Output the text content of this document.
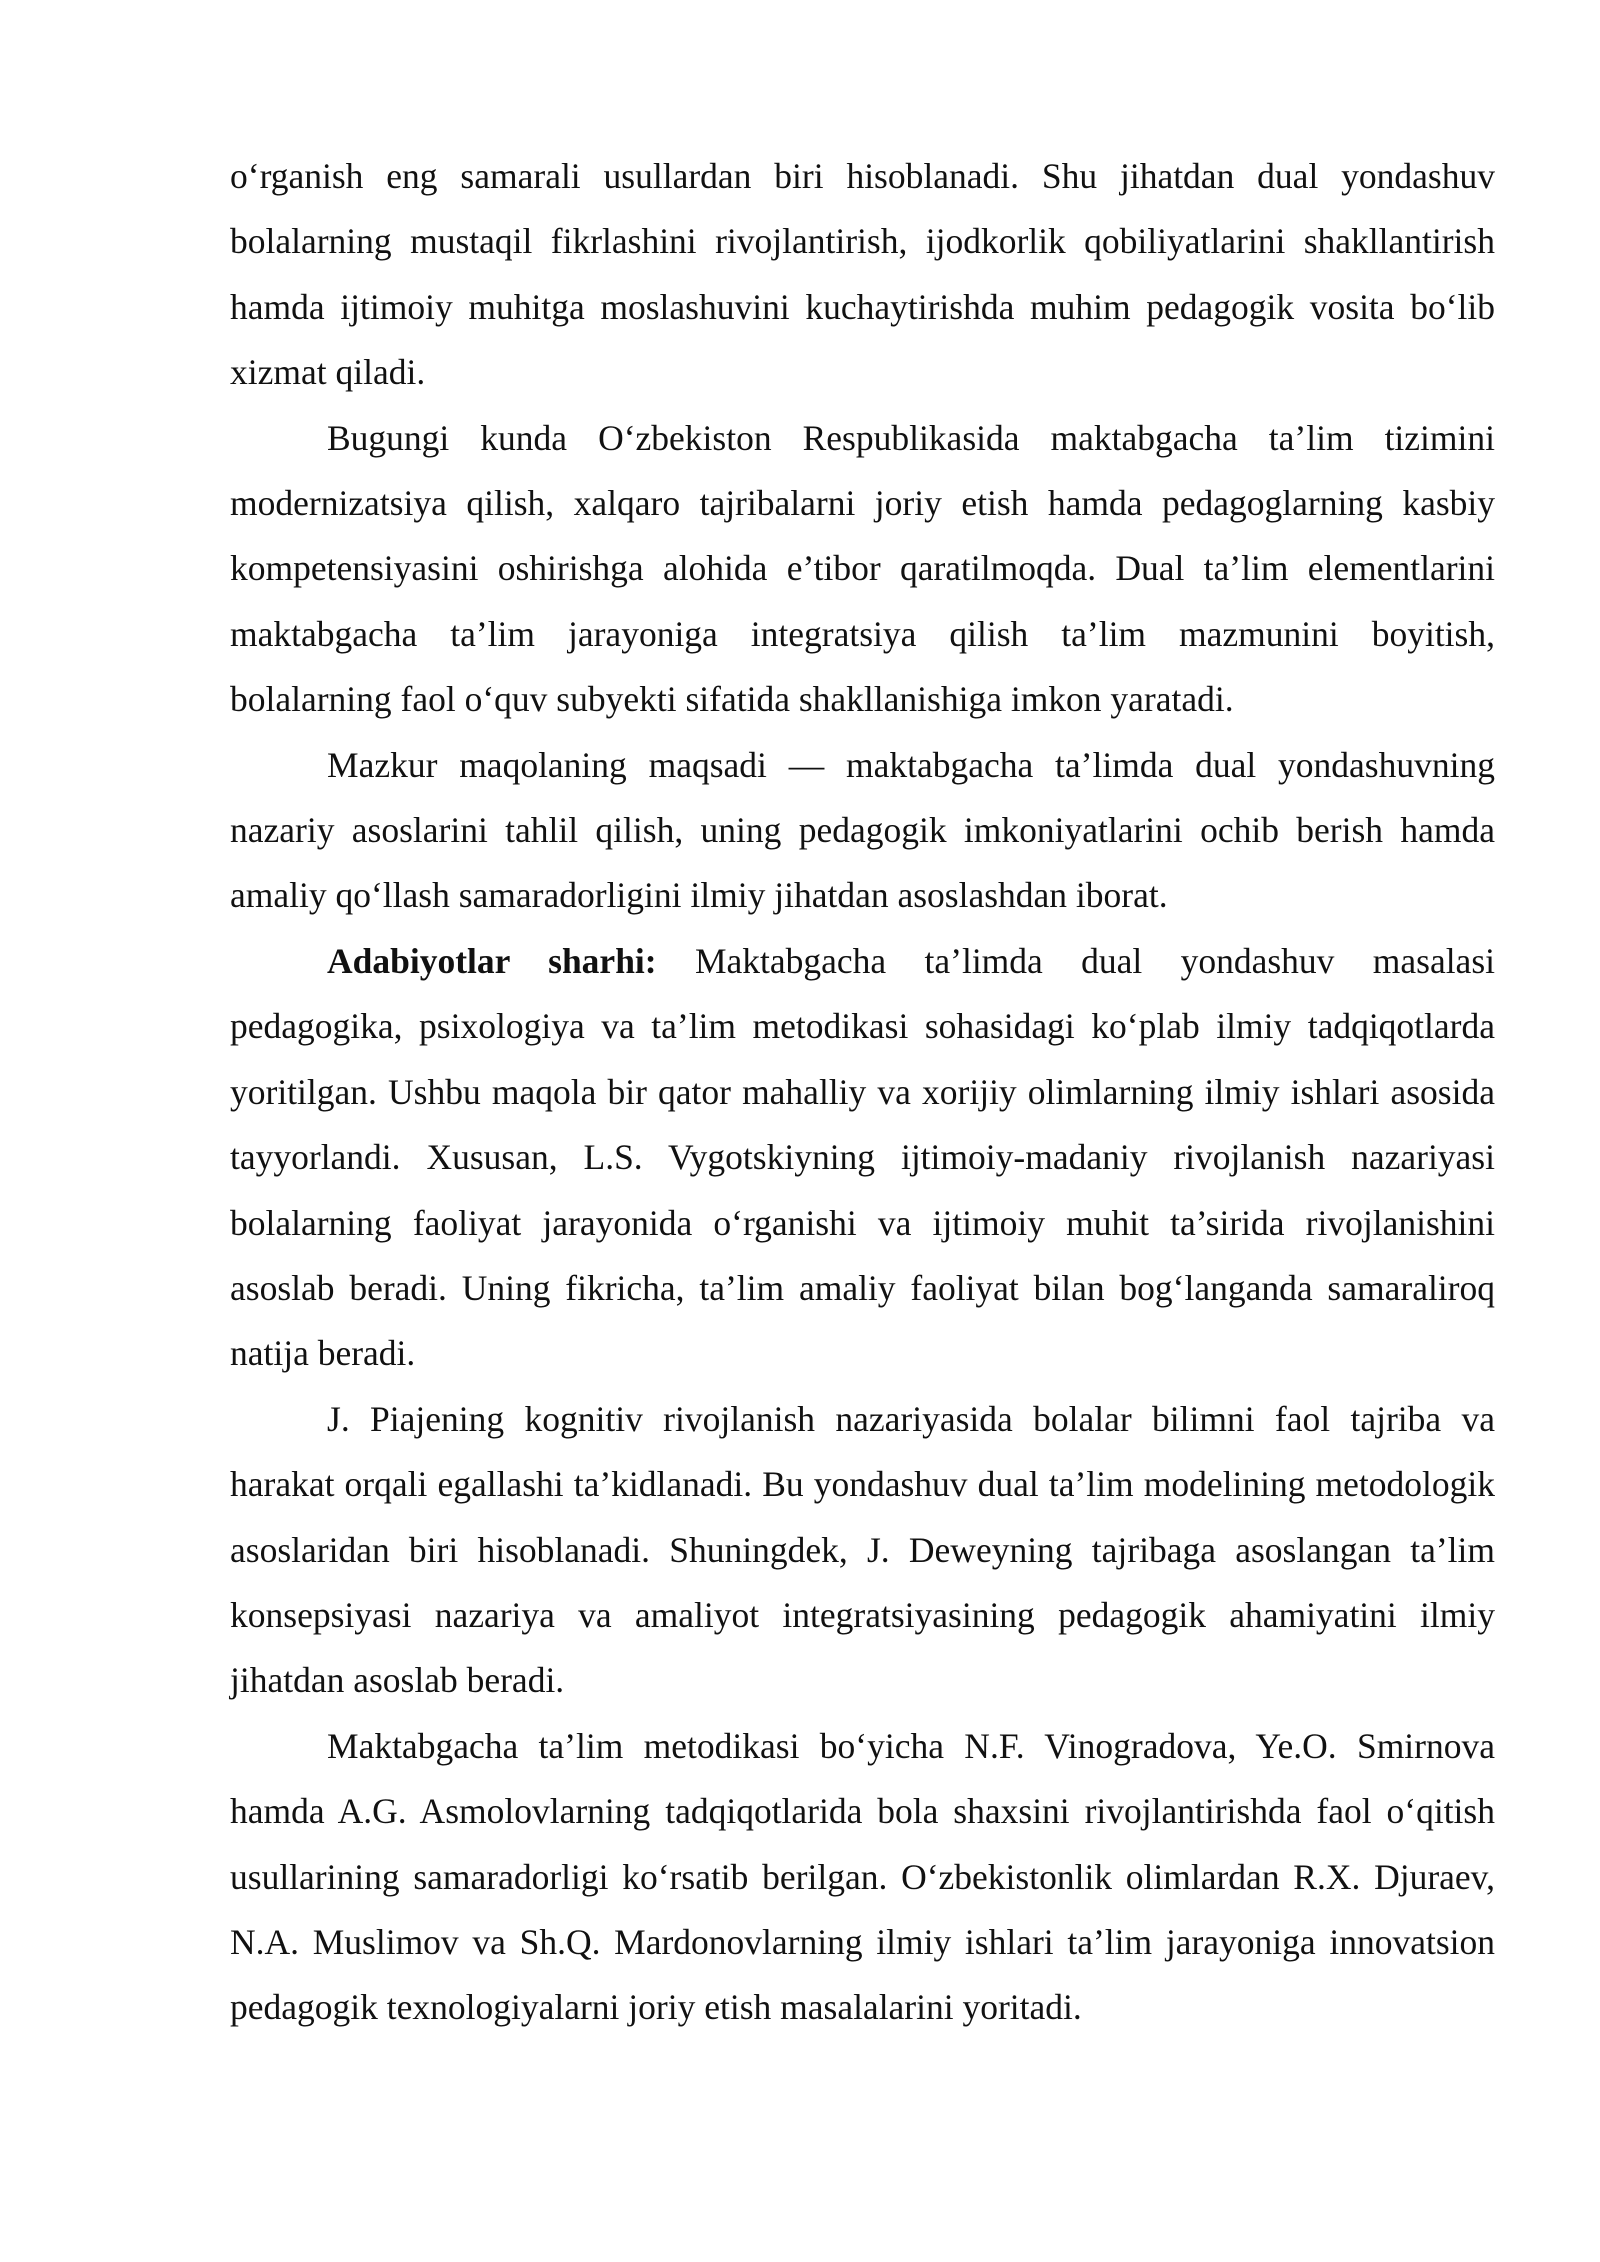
o‘rganish eng samarali usullardan biri hisoblanadi. Shu jihatdan dual yondashuv bolalarning mustaqil fikrlashini rivojlantirish, ijodkorlik qobiliyatlarini shakllantirish hamda ijtimoiy muhitga moslashuvini kuchaytirishda muhim pedagogik vosita bo‘lib xizmat qiladi.

Bugungi kunda O‘zbekiston Respublikasida maktabgacha ta’lim tizimini modernizatsiya qilish, xalqaro tajribalarni joriy etish hamda pedagoglarning kasbiy kompetensiyasini oshirishga alohida e’tibor qaratilmoqda. Dual ta’lim elementlarini maktabgacha ta’lim jarayoniga integratsiya qilish ta’lim mazmunini boyitish, bolalarning faol o‘quv subyekti sifatida shakllanishiga imkon yaratadi.

Mazkur maqolaning maqsadi — maktabgacha ta’limda dual yondashuvning nazariy asoslarini tahlil qilish, uning pedagogik imkoniyatlarini ochib berish hamda amaliy qo‘llash samaradorligini ilmiy jihatdan asoslashdan iborat.

Adabiyotlar sharhi: Maktabgacha ta’limda dual yondashuv masalasi pedagogika, psixologiya va ta’lim metodikasi sohasidagi ko‘plab ilmiy tadqiqotlarda yoritilgan. Ushbu maqola bir qator mahalliy va xorijiy olimlarning ilmiy ishlari asosida tayyorlandi. Xususan, L.S. Vygotskiyning ijtimoiy-madaniy rivojlanish nazariyasi bolalarning faoliyat jarayonida o‘rganishi va ijtimoiy muhit ta’sirida rivojlanishini asoslab beradi. Uning fikricha, ta’lim amaliy faoliyat bilan bog‘langanda samaraliroq natija beradi.

J. Piajening kognitiv rivojlanish nazariyasida bolalar bilimni faol tajriba va harakat orqali egallashi ta’kidlanadi. Bu yondashuv dual ta’lim modelining metodologik asoslaridan biri hisoblanadi. Shuningdek, J. Deweyning tajribaga asoslangan ta’lim konsepsiyasi nazariya va amaliyot integratsiyasining pedagogik ahamiyatini ilmiy jihatdan asoslab beradi.

Maktabgacha ta’lim metodikasi bo‘yicha N.F. Vinogradova, Ye.O. Smirnova hamda A.G. Asmolovlarning tadqiqotlarida bola shaxsini rivojlantirishda faol o‘qitish usullarining samaradorligi ko‘rsatib berilgan. O‘zbekistonlik olimlardan R.X. Djuraev, N.A. Muslimov va Sh.Q. Mardonovlarning ilmiy ishlari ta’lim jarayoniga innovatsion pedagogik texnologiyalarni joriy etish masalalarini yoritadi.
